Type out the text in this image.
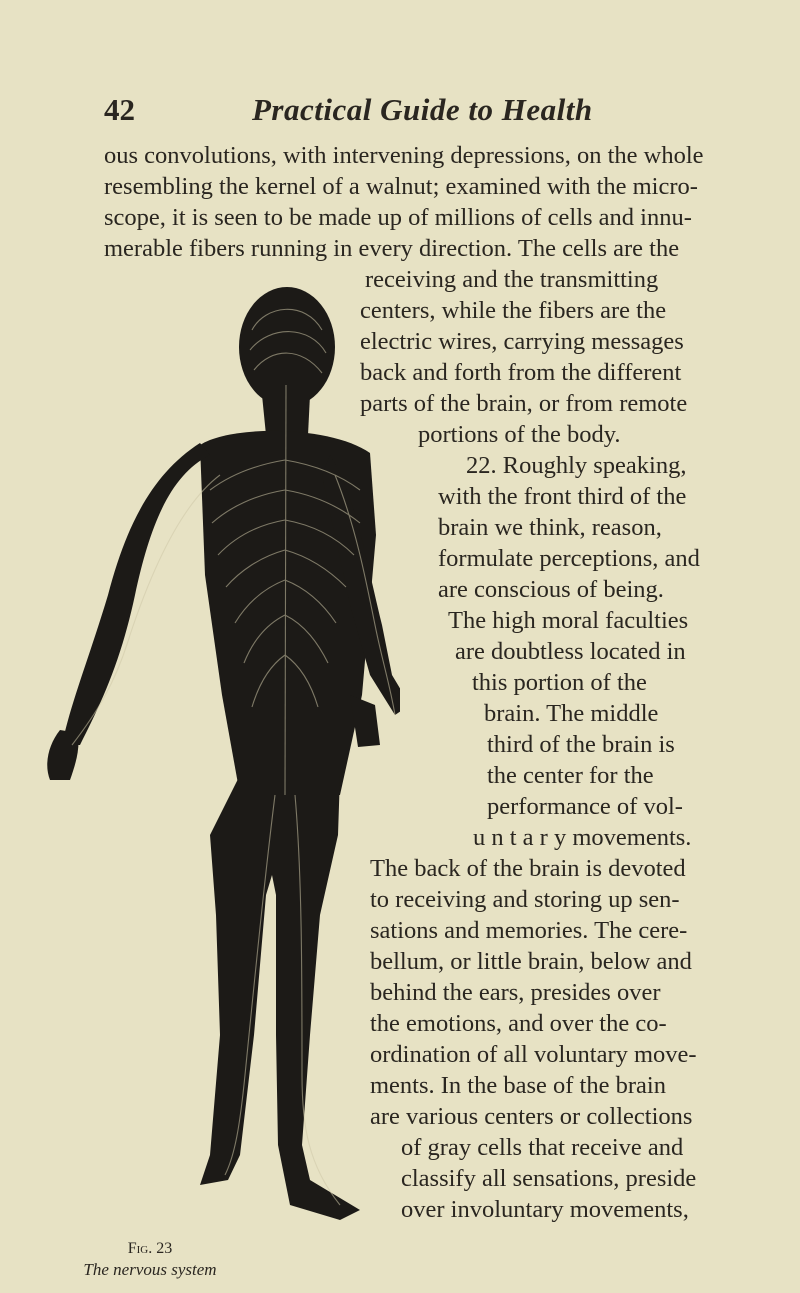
42	Practical Guide to Health
ous convolutions, with intervening depressions, on the whole
resembling the kernel of a walnut; examined with the micro-
scope, it is seen to be made up of millions of cells and innu-
merable fibers running in every direction. The cells are the
receiving and the transmitting
centers, while the fibers are the
electric wires, carrying messages
back and forth from the different
parts of the brain, or from remote
portions of the body.
22. Roughly speaking,
with the front third of the
brain we think, reason,
formulate perceptions, and
are conscious of being.
The high moral faculties
are doubtless located in
this portion of the
brain. The middle
third of the brain is
the center for the
performance of vol-
u n t a r y movements.
The back of the brain is devoted
to receiving and storing up sen-
sations and memories. The cere-
bellum, or little brain, below and
behind the ears, presides over
the emotions, and over the co-
ordination of all voluntary move-
ments. In the base of the brain
are various centers or collections
of gray cells that receive and
classify all sensations, preside
over involuntary movements,
Fig. 23
The nervous system
